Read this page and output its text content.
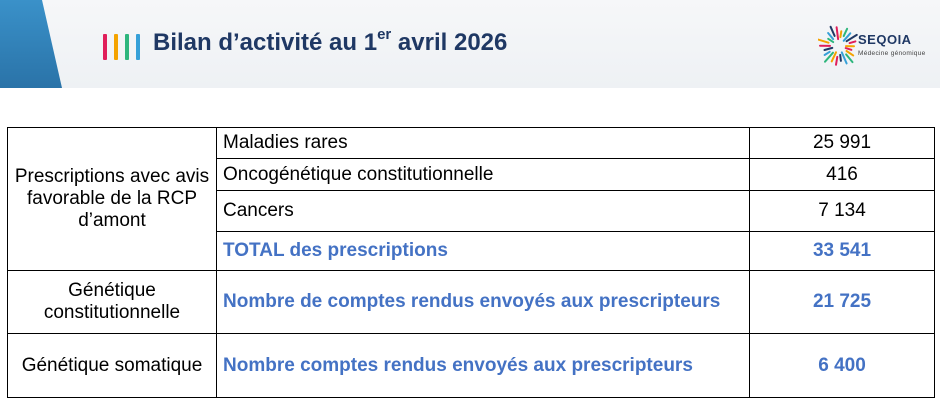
Bilan d’activité au 1er avril 2026	SEQOIA
Médecine génomique
Prescriptions avec avis favorable de la RCP d’amont	Maladies rares	25 991
	Oncogénétique constitutionnelle	416
	Cancers	7 134
	TOTAL des prescriptions	33 541
Génétique constitutionnelle	Nombre de comptes rendus envoyés aux prescripteurs	21 725
Génétique somatique	Nombre comptes rendus envoyés aux prescripteurs	6 400
